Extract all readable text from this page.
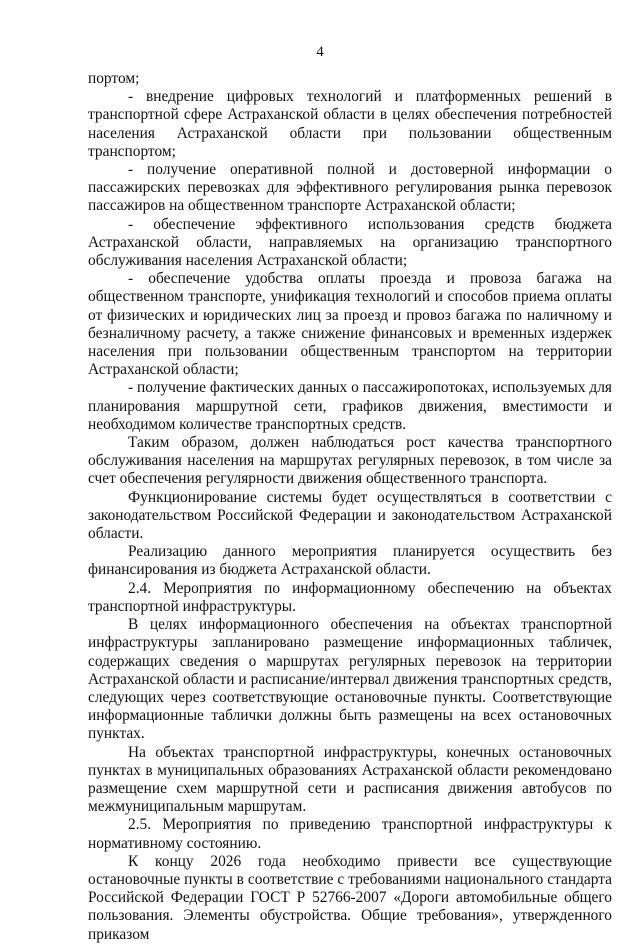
4

портом;

- внедрение цифровых технологий и платформенных решений в транспортной сфере Астраханской области в целях обеспечения потребностей населения Астраханской области при пользовании общественным транспортом;

- получение оперативной полной и достоверной информации о пассажирских перевозках для эффективного регулирования рынка перевозок пассажиров на общественном транспорте Астраханской области;

- обеспечение эффективного использования средств бюджета Астраханской области, направляемых на организацию транспортного обслуживания населения Астраханской области;

- обеспечение удобства оплаты проезда и провоза багажа на общественном транспорте, унификация технологий и способов приема оплаты от физических и юридических лиц за проезд и провоз багажа по наличному и безналичному расчету, а также снижение финансовых и временных издержек населения при пользовании общественным транспортом на территории Астраханской области;

- получение фактических данных о пассажиропотоках, используемых для планирования маршрутной сети, графиков движения, вместимости и необходимом количестве транспортных средств.

Таким образом, должен наблюдаться рост качества транспортного обслуживания населения на маршрутах регулярных перевозок, в том числе за счет обеспечения регулярности движения общественного транспорта.

Функционирование системы будет осуществляться в соответствии с законодательством Российской Федерации и законодательством Астраханской области.

Реализацию данного мероприятия планируется осуществить без финансирования из бюджета Астраханской области.

2.4. Мероприятия по информационному обеспечению на объектах транспортной инфраструктуры.

В целях информационного обеспечения на объектах транспортной инфраструктуры запланировано размещение информационных табличек, содержащих сведения о маршрутах регулярных перевозок на территории Астраханской области и расписание/интервал движения транспортных средств, следующих через соответствующие остановочные пункты. Соответствующие информационные таблички должны быть размещены на всех остановочных пунктах.

На объектах транспортной инфраструктуры, конечных остановочных пунктах в муниципальных образованиях Астраханской области рекомендовано размещение схем маршрутной сети и расписания движения автобусов по межмуниципальным маршрутам.

2.5. Мероприятия по приведению транспортной инфраструктуры к нормативному состоянию.

К концу 2026 года необходимо привести все существующие остановочные пункты в соответствие с требованиями национального стандарта Российской Федерации ГОСТ Р 52766-2007 «Дороги автомобильные общего пользования. Элементы обустройства. Общие требования», утвержденного приказом
